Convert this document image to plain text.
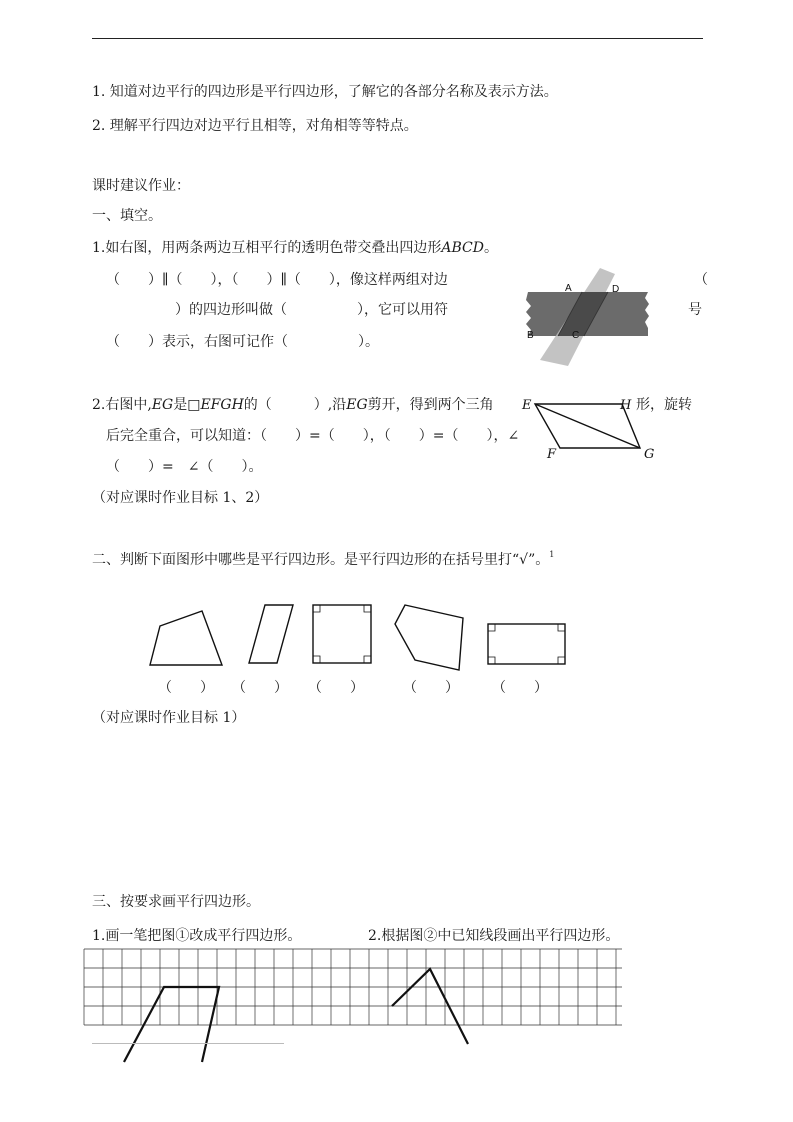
1. 知道对边平行的四边形是平行四边形，了解它的各部分名称及表示方法。
2. 理解平行四边对边平行且相等，对角相等等特点。
课时建议作业：
一、填空。
1.如右图，用两条两边互相平行的透明色带交叠出四边形ABCD。
（　　）∥（　　），（　　）∥（　　），像这样两组对边	（
）的四边形叫做（　　　　　），它可以用符	号
（　　）表示，右图可记作（　　　　　）。
A	D
B	C
2.右图中,EG是□EFGH的（　　　）,沿EG剪开，得到两个三角	形，旋转
后完全重合，可以知道：（　　）=（　　），（　　）=（　　），∠
（　　）=　∠（　　）。
E	H
F	G
（对应课时作业目标 1、2）
二、判断下面图形中哪些是平行四边形。是平行四边形的在括号里打“√”。$^1$
（　　） （　　） （　　）	（　　） （　　）
（对应课时作业目标 1）
三、按要求画平行四边形。
1.画一笔把图①改成平行四边形。	2.根据图②中已知线段画出平行四边形。
